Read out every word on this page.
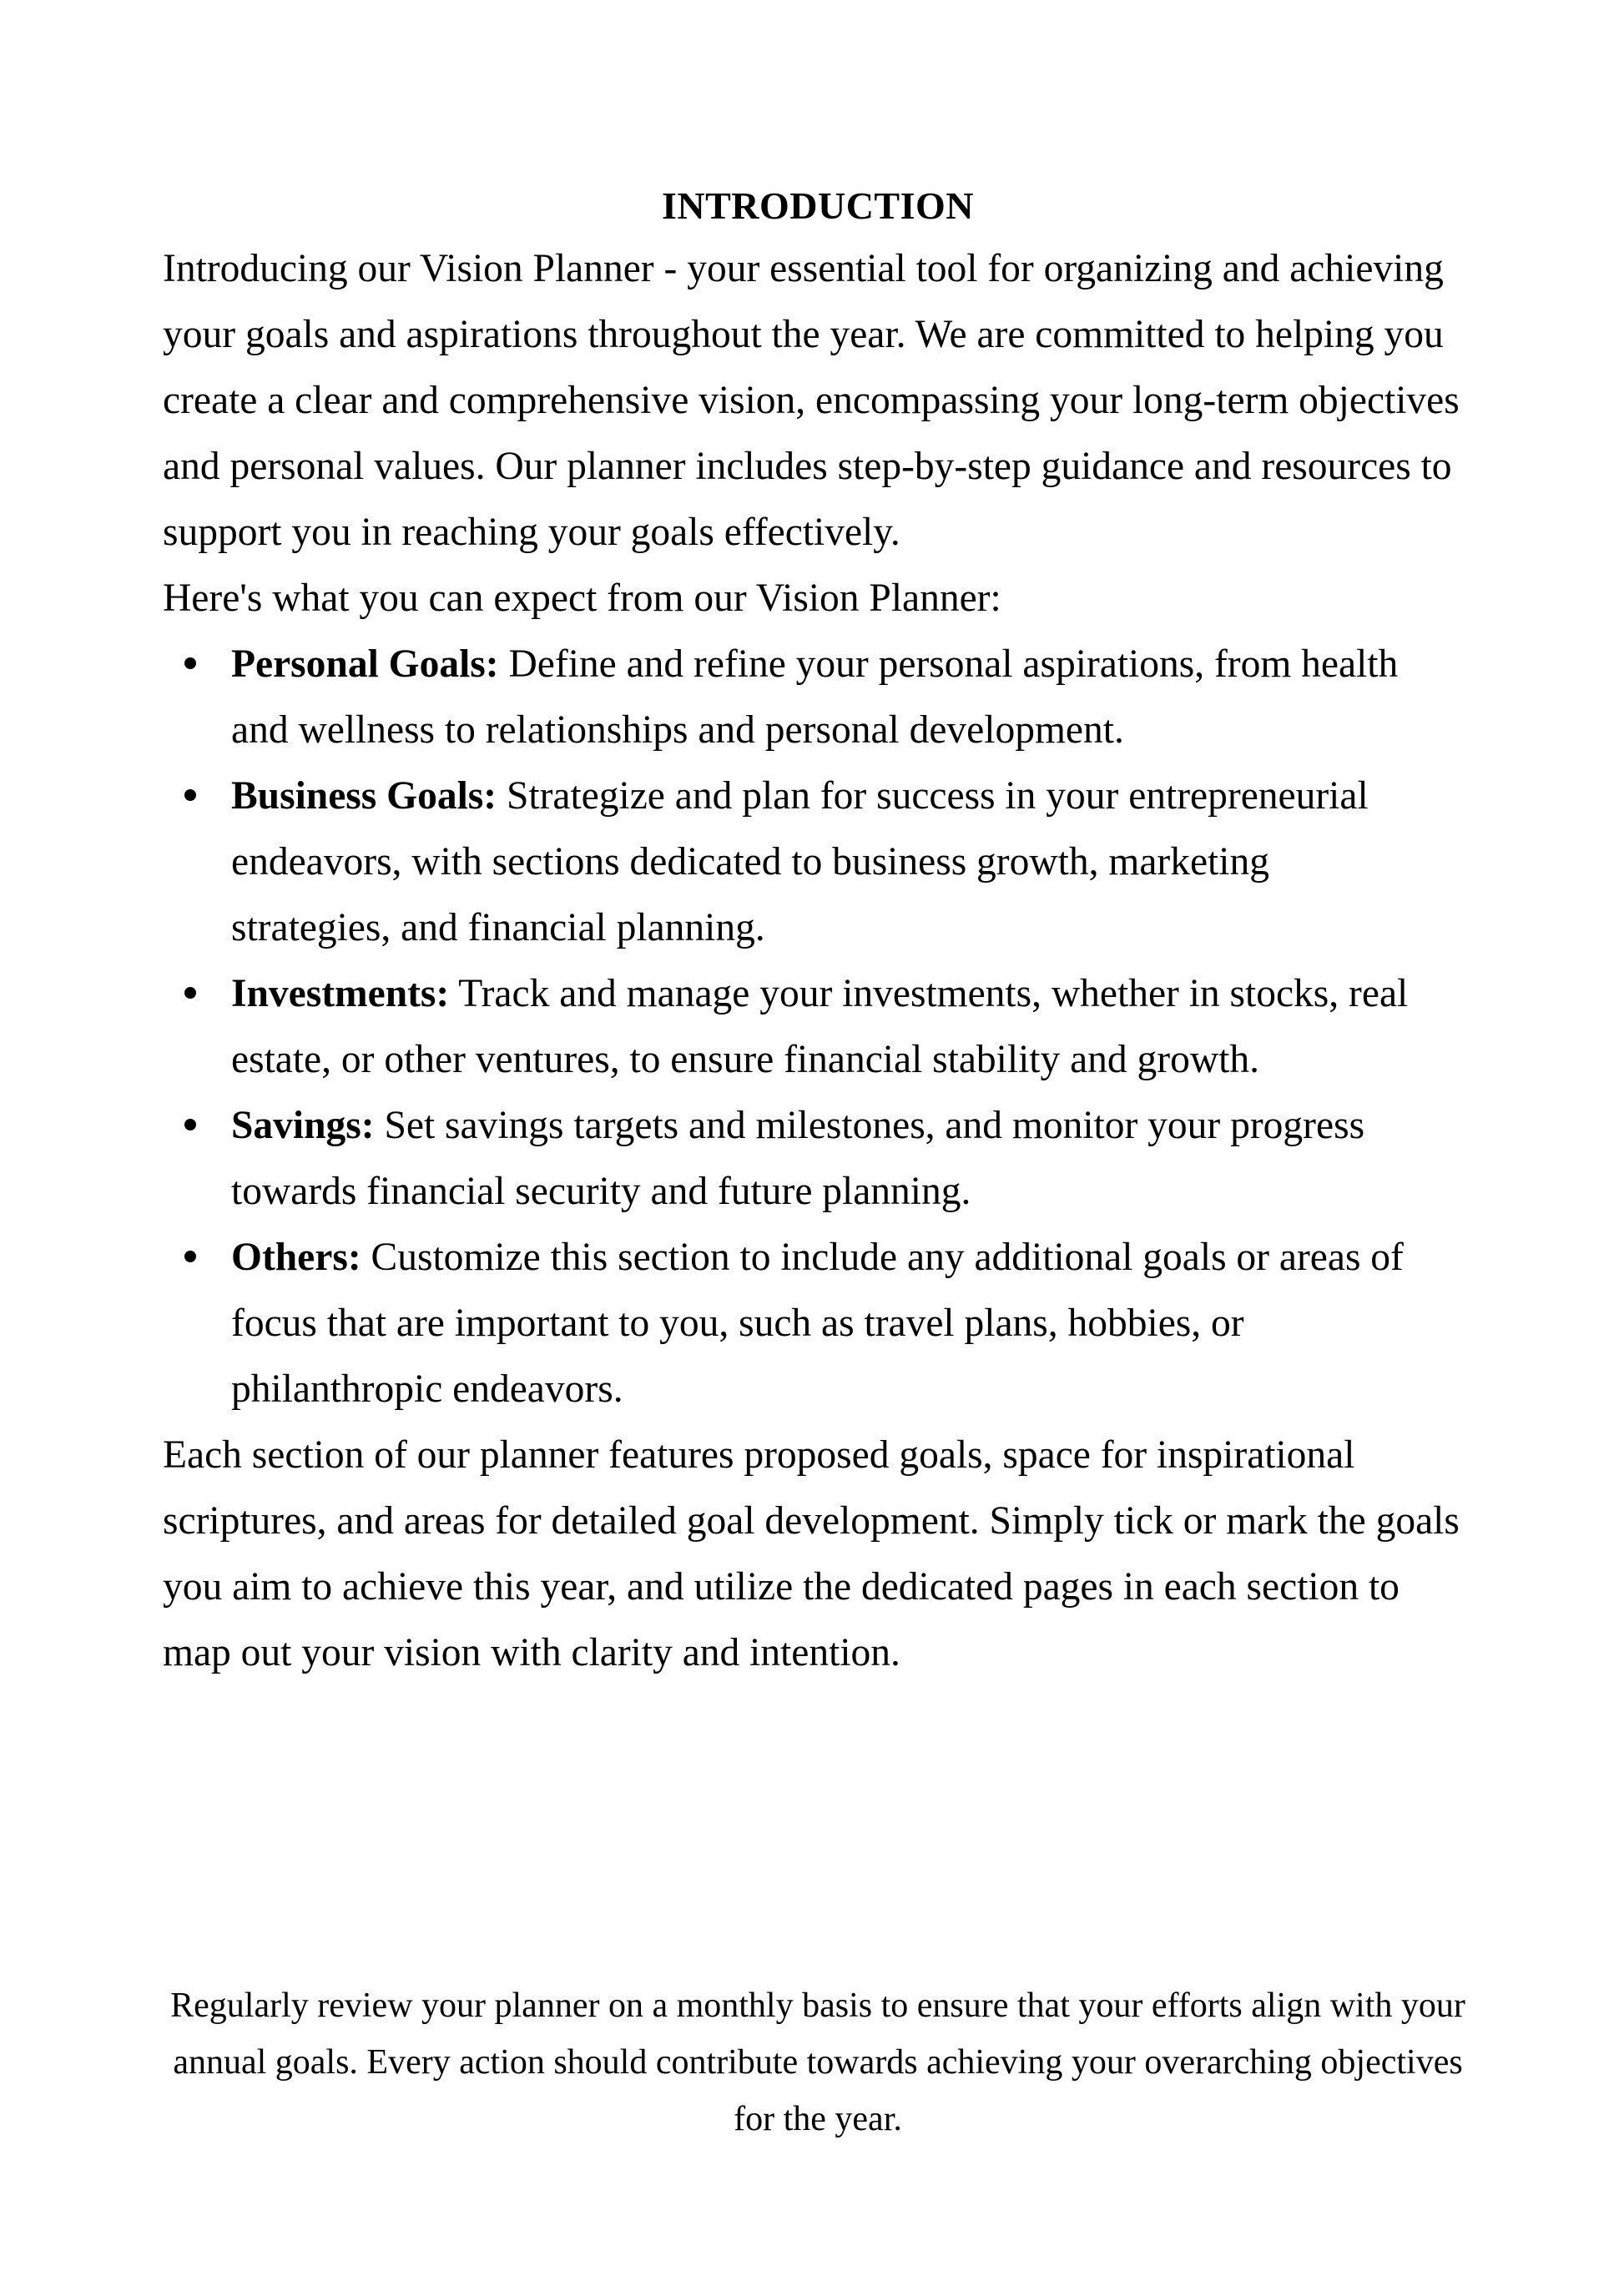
INTRODUCTION

Introducing our Vision Planner - your essential tool for organizing and achieving your goals and aspirations throughout the year. We are committed to helping you create a clear and comprehensive vision, encompassing your long-term objectives and personal values. Our planner includes step-by-step guidance and resources to support you in reaching your goals effectively.

Here's what you can expect from our Vision Planner:

Personal Goals: Define and refine your personal aspirations, from health and wellness to relationships and personal development.
Business Goals: Strategize and plan for success in your entrepreneurial endeavors, with sections dedicated to business growth, marketing strategies, and financial planning.
Investments: Track and manage your investments, whether in stocks, real estate, or other ventures, to ensure financial stability and growth.
Savings: Set savings targets and milestones, and monitor your progress towards financial security and future planning.
Others: Customize this section to include any additional goals or areas of focus that are important to you, such as travel plans, hobbies, or philanthropic endeavors.

Each section of our planner features proposed goals, space for inspirational scriptures, and areas for detailed goal development. Simply tick or mark the goals you aim to achieve this year, and utilize the dedicated pages in each section to map out your vision with clarity and intention.

Regularly review your planner on a monthly basis to ensure that your efforts align with your annual goals. Every action should contribute towards achieving your overarching objectives for the year.
